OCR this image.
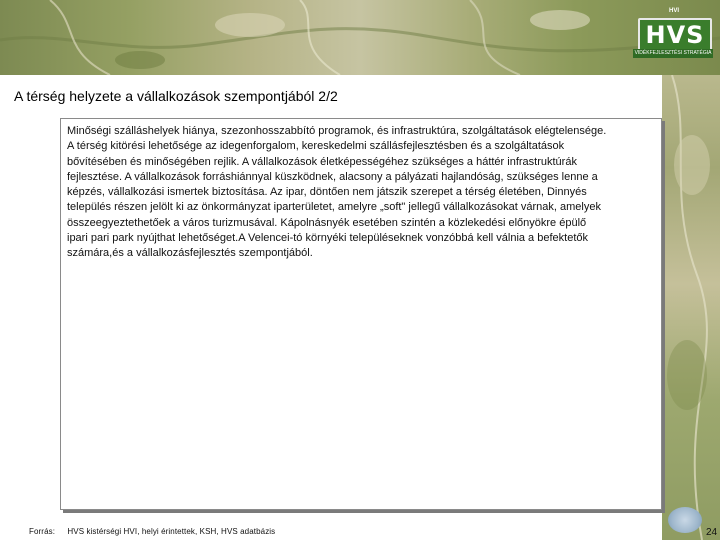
HVS
HVI
VIDÉKFEJLESZTÉSI STRATÉGIA
A térség helyzete a vállalkozások szempontjából 2/2

Minőségi szálláshelyek hiánya, szezonhosszabbító programok, és infrastruktúra, szolgáltatások elégtelensége.
A térség kitörési lehetősége az idegenforgalom, kereskedelmi szállásfejlesztésben és a szolgáltatások
bővítésében és minőségében rejlik. A vállalkozások életképességéhez szükséges a háttér infrastruktúrák
fejlesztése. A vállalkozások forráshiánnyal küszködnek, alacsony a pályázati hajlandóság, szükséges lenne a
képzés, vállalkozási ismertek biztosítása. Az ipar, döntően nem játszik szerepet a térség életében, Dinnyés
település részen jelölt ki az önkormányzat iparterületet, amelyre „soft" jellegű vállalkozásokat várnak, amelyek
összeegyeztethetőek a város turizmusával. Kápolnásnyék esetében szintén a közlekedési előnyökre épülő
ipari pari park nyújthat lehetőséget.A Velencei-tó környéki településeknek vonzóbbá kell válnia a befektetők
számára,és a vállalkozásfejlesztés szempontjából.

Forrás: HVS kistérségi HVI, helyi érintettek, KSH, HVS adatbázis	24
